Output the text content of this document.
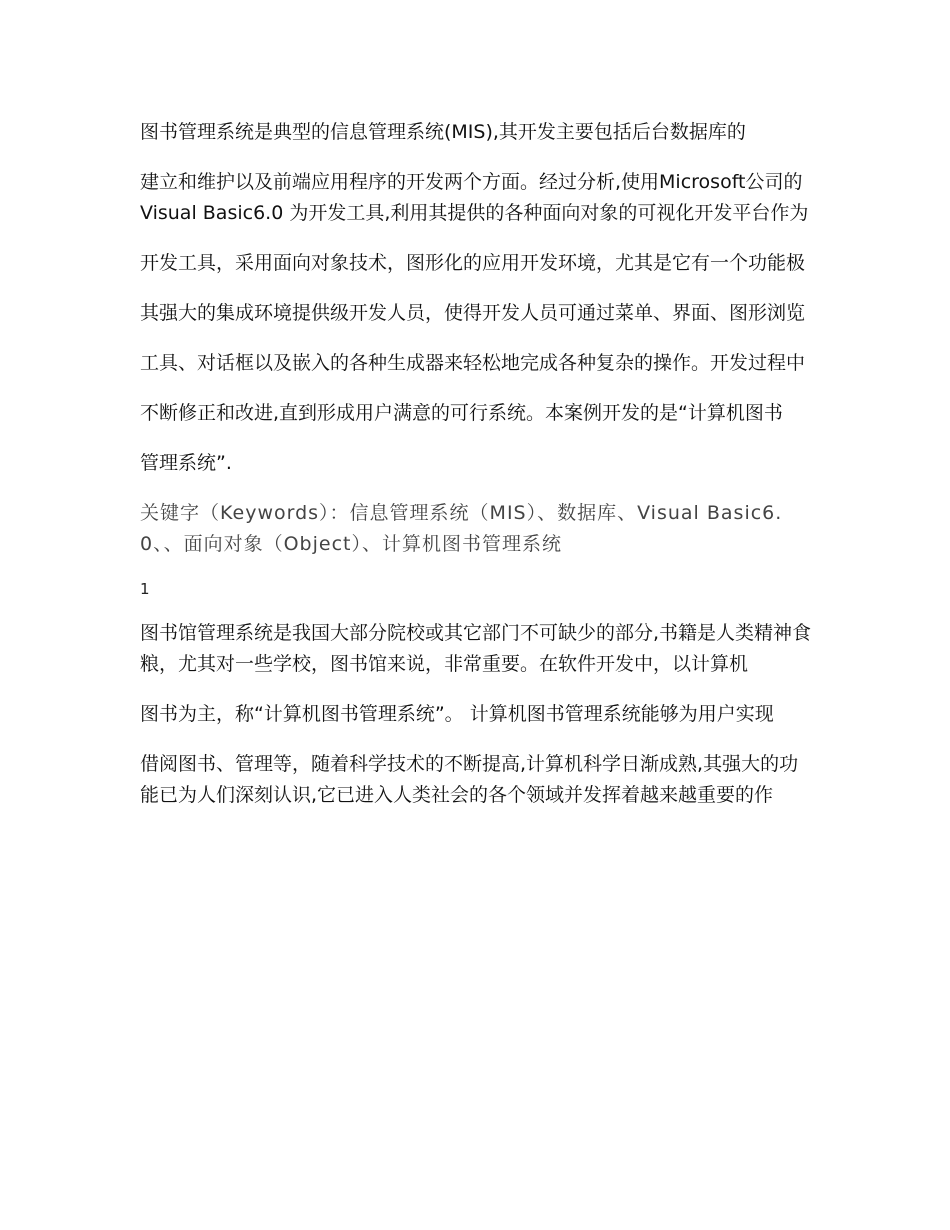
图书管理系统是典型的信息管理系统(MIS),其开发主要包括后台数据库的

建立和维护以及前端应用程序的开发两个方面。经过分析,使用Microsoft公司的 Visual Basic6.0 为开发工具,利用其提供的各种面向对象的可视化开发平台作为

开发工具，采用面向对象技术，图形化的应用开发环境，尤其是它有一个功能极

其强大的集成环境提供级开发人员，使得开发人员可通过菜单、界面、图形浏览

工具、对话框以及嵌入的各种生成器来轻松地完成各种复杂的操作。开发过程中

不断修正和改进,直到形成用户满意的可行系统。本案例开发的是“计算机图书

管理系统”.

关键字（Keywords）：信息管理系统（MIS）、数据库、Visual Basic6.0、、面向对象（Object）、计算机图书管理系统

1

图书馆管理系统是我国大部分院校或其它部门不可缺少的部分,书籍是人类精神食粮，尤其对一些学校，图书馆来说，非常重要。在软件开发中，以计算机

图书为主，称“计算机图书管理系统”。 计算机图书管理系统能够为用户实现

借阅图书、管理等，随着科学技术的不断提高,计算机科学日渐成熟,其强大的功能已为人们深刻认识,它已进入人类社会的各个领域并发挥着越来越重要的作
